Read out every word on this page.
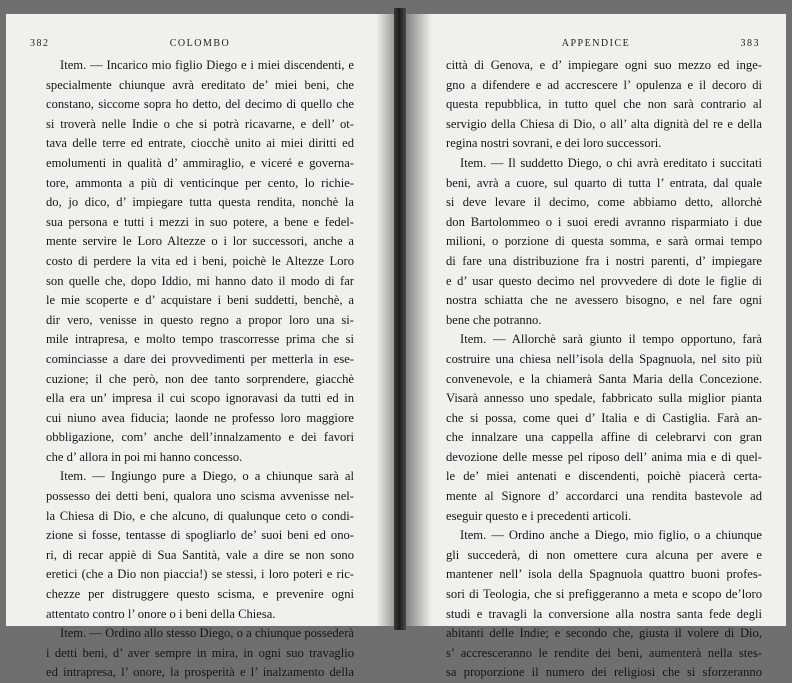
382	COLOMBO
Item. — Incarico mio figlio Diego e i miei discendenti, e
specialmente chiunque avrà ereditato de’ miei beni, che
constano, siccome sopra ho detto, del decimo di quello che
si troverà nelle Indie o che si potrà ricavarne, e dell’ ot-
tava delle terre ed entrate, ciocchè unito ai miei diritti ed
emolumenti in qualità d’ ammiraglio, e viceré e governa-
tore, ammonta a più di venticinque per cento, lo richie-
do, jo dico, d’ impiegare tutta questa rendita, nonchè la
sua persona e tutti i mezzi in suo potere, a bene e fedel-
mente servire le Loro Altezze o i lor successori, anche a
costo di perdere la vita ed i beni, poichè le Altezze Loro
son quelle che, dopo Iddio, mi hanno dato il modo di far
le mie scoperte e d’ acquistare i beni suddetti, benchè, a
dir vero, venisse in questo regno a propor loro una si-
mile intrapresa, e molto tempo trascorresse prima che si
cominciasse a dare dei provvedimenti per metterla in ese-
cuzione; il che però, non dee tanto sorprendere, giacchè
ella era un’ impresa il cui scopo ignoravasi da tutti ed in
cui niuno avea fiducia; laonde ne professo loro maggiore
obbligazione, com’ anche dell’innalzamento e dei favori
che d’ allora in poi mi hanno concesso.
Item. — Ingiungo pure a Diego, o a chiunque sarà al
possesso dei detti beni, qualora uno scisma avvenisse nel-
la Chiesa di Dio, e che alcuno, di qualunque ceto o condi-
zione si fosse, tentasse di spogliarlo de’ suoi beni ed ono-
ri, di recar appiè di Sua Santità, vale a dire se non sono
eretici (che a Dio non piaccia!) se stessi, i loro poteri e ric-
chezze per distruggere questo scisma, e prevenire ogni
attentato contro l’ onore o i beni della Chiesa.
Item. — Ordino allo stesso Diego, o a chiunque possederà
i detti beni, d’ aver sempre in mira, in ogni suo travaglio
ed intrapresa, l’ onore, la prosperità e l’ inalzamento della
APPENDICE	383
città di Genova, e d’ impiegare ogni suo mezzo ed inge-
gno a difendere e ad accrescere l’ opulenza e il decoro di
questa repubblica, in tutto quel che non sarà contrario al
servigio della Chiesa di Dio, o all’ alta dignità del re e della
regina nostri sovrani, e dei loro successori.
Item. — Il suddetto Diego, o chi avrà ereditato i succitati
beni, avrà a cuore, sul quarto di tutta l’ entrata, dal quale
si deve levare il decimo, come abbiamo detto, allorchè
don Bartolommeo o i suoi eredi avranno risparmiato i due
milioni, o porzione di questa somma, e sarà ormai tempo
di fare una distribuzione fra i nostri parenti, d’ impiegare
e d’ usar questo decimo nel provvedere di dote le figlie di
nostra schiatta che ne avessero bisogno, e nel fare ogni
bene che potranno.
Item. — Allorchè sarà giunto il tempo opportuno, farà
costruire una chiesa nell’isola della Spagnuola, nel sito più
convenevole, e la chiamerà Santa Maria della Concezione.
Visarà annesso uno spedale, fabbricato sulla miglior pianta
che si possa, come quei d’ Italia e di Castiglia. Farà an-
che innalzare una cappella affine di celebrarvi con gran
devozione delle messe pel riposo dell’ anima mia e di quel-
le de’ miei antenati e discendenti, poichè piacerà certa-
mente al Signore d’ accordarci una rendita bastevole ad
eseguir questo e i precedenti articoli.
Item. — Ordino anche a Diego, mio figlio, o a chiunque
gli succederà, di non omettere cura alcuna per avere e
mantener nell’ isola della Spagnuola quattro buoni profes-
sori di Teologia, che si prefiggeranno a meta e scopo de’loro
studi e travagli la conversione alla nostra santa fede degli
abitanti delle Indie; e secondo che, giusta il volere di Dio,
s’ accresceranno le rendite dei beni, aumenterà nella stes-
sa proporzione il numero dei religiosi che si sforzeranno
